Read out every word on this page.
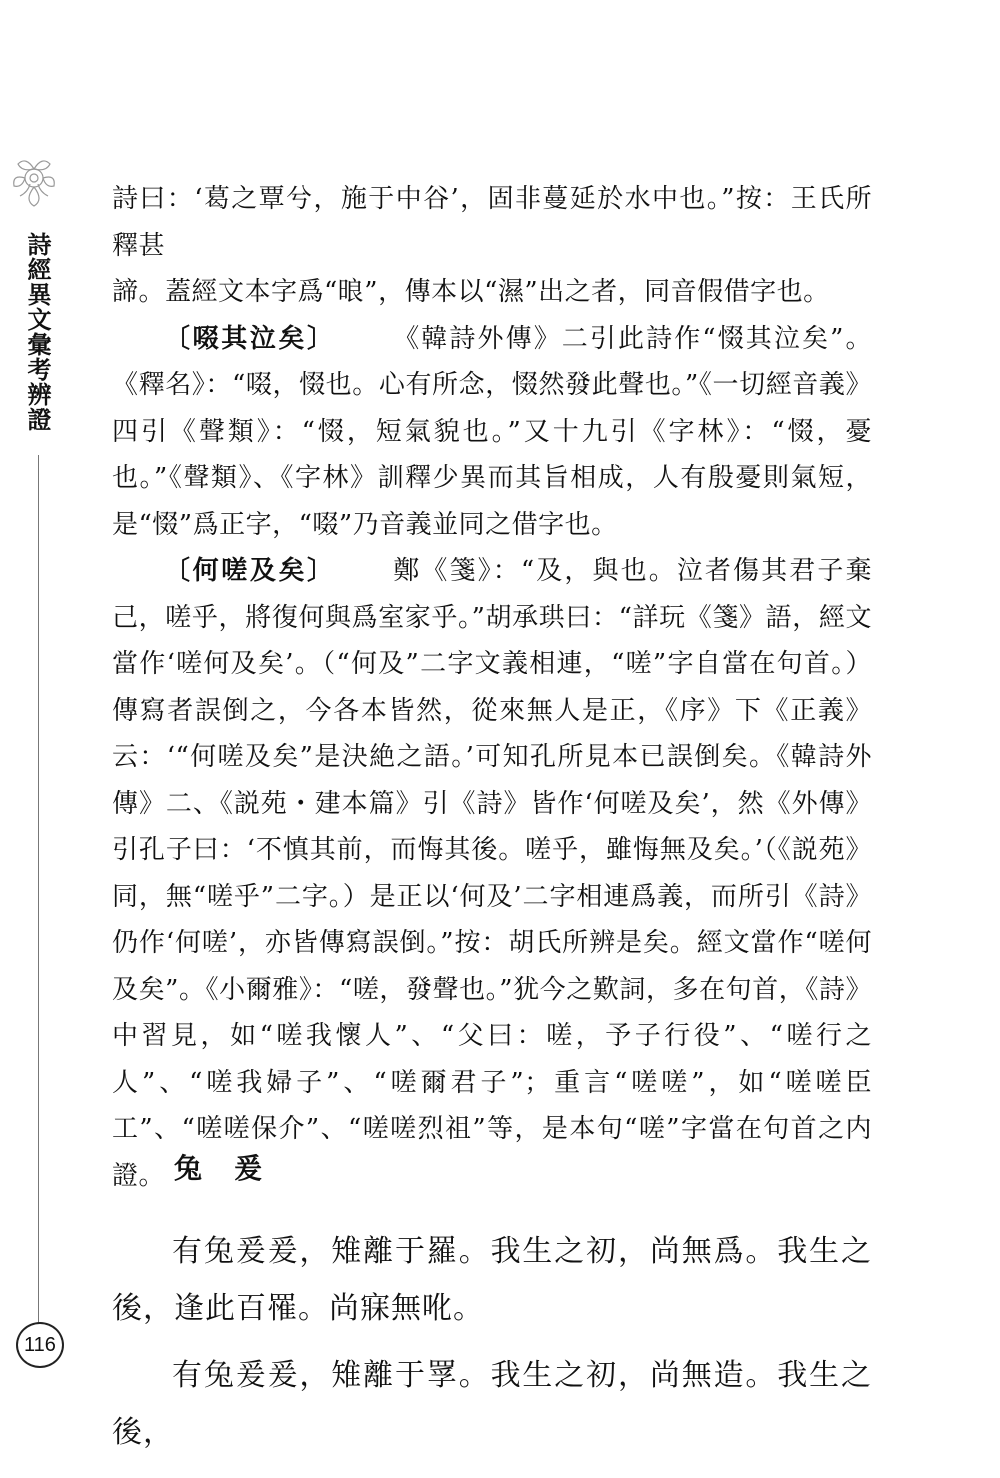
詩經異文彙考辨證
116

詩曰：‘葛之覃兮，施于中谷’，固非蔓延於水中也。”按：王氏所釋甚
諦。蓋經文本字爲“㫰”，傳本以“濕”出之者，同音假借字也。

〔啜其泣矣〕 《韓詩外傳》二引此詩作“惙其泣矣”。《釋名》：“啜，惙也。心有所念，惙然發此聲也。”《一切經音義》四引《聲類》：“惙，短氣貌也。”又十九引《字林》：“惙，憂也。”《聲類》、《字林》訓釋少異而其旨相成，人有殷憂則氣短，是“惙”爲正字，“啜”乃音義並同之借字也。

〔何嗟及矣〕 鄭《箋》：“及，與也。泣者傷其君子棄己，嗟乎，將復何與爲室家乎。”胡承珙曰：“詳玩《箋》語，經文當作‘嗟何及矣’。（“何及”二字文義相連，“嗟”字自當在句首。）傳寫者誤倒之，今各本皆然，從來無人是正，《序》下《正義》云：‘“何嗟及矣”是決絶之語。’可知孔所見本已誤倒矣。《韓詩外傳》二、《説苑・建本篇》引《詩》皆作‘何嗟及矣’，然《外傳》引孔子曰：‘不慎其前，而悔其後。嗟乎，雖悔無及矣。’（《説苑》同，無“嗟乎”二字。）是正以‘何及’二字相連爲義，而所引《詩》仍作‘何嗟’，亦皆傳寫誤倒。”按：胡氏所辨是矣。經文當作“嗟何及矣”。《小爾雅》：“嗟，發聲也。”犹今之歎詞，多在句首，《詩》中習見，如“嗟我懷人”、“父曰：嗟，予子行役”、“嗟行之人”、“嗟我婦子”、“嗟爾君子”；重言“嗟嗟”，如“嗟嗟臣工”、“嗟嗟保介”、“嗟嗟烈祖”等，是本句“嗟”字當在句首之内證。 兔　爰

有兔爰爰，雉離于羅。我生之初，尚無爲。我生之後，逢此百罹。尚寐無吪。

有兔爰爰，雉離于罦。我生之初，尚無造。我生之後，
